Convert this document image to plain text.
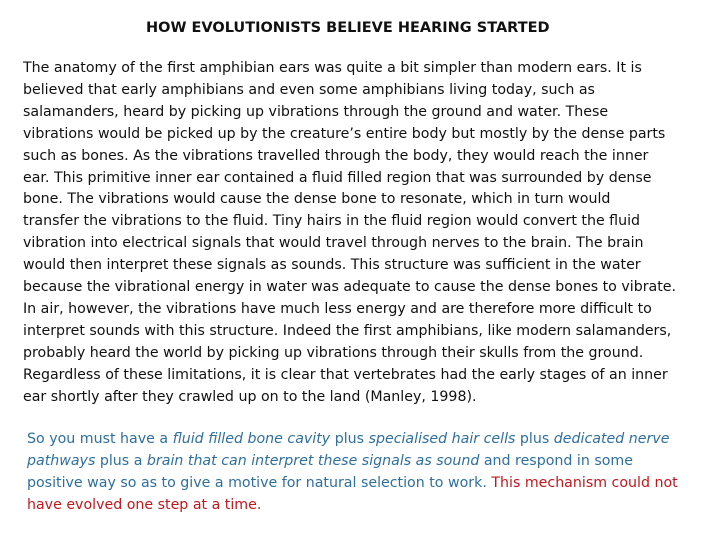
HOW EVOLUTIONISTS BELIEVE HEARING STARTED
The anatomy of the first amphibian ears was quite a bit simpler than modern ears. It is
believed that early amphibians and even some amphibians living today, such as
salamanders, heard by picking up vibrations through the ground and water. These
vibrations would be picked up by the creature’s entire body but mostly by the dense parts
such as bones. As the vibrations travelled through the body, they would reach the inner
ear. This primitive inner ear contained a fluid filled region that was surrounded by dense
bone. The vibrations would cause the dense bone to resonate, which in turn would
transfer the vibrations to the fluid. Tiny hairs in the fluid region would convert the fluid
vibration into electrical signals that would travel through nerves to the brain. The brain
would then interpret these signals as sounds. This structure was sufficient in the water
because the vibrational energy in water was adequate to cause the dense bones to vibrate.
In air, however, the vibrations have much less energy and are therefore more difficult to
interpret sounds with this structure. Indeed the first amphibians, like modern salamanders,
probably heard the world by picking up vibrations through their skulls from the ground.
Regardless of these limitations, it is clear that vertebrates had the early stages of an inner
ear shortly after they crawled up on to the land (Manley, 1998).
So you must have a fluid filled bone cavity plus specialised hair cells plus dedicated nerve
pathways plus a brain that can interpret these signals as sound and respond in some
positive way so as to give a motive for natural selection to work. This mechanism could not
have evolved one step at a time.
